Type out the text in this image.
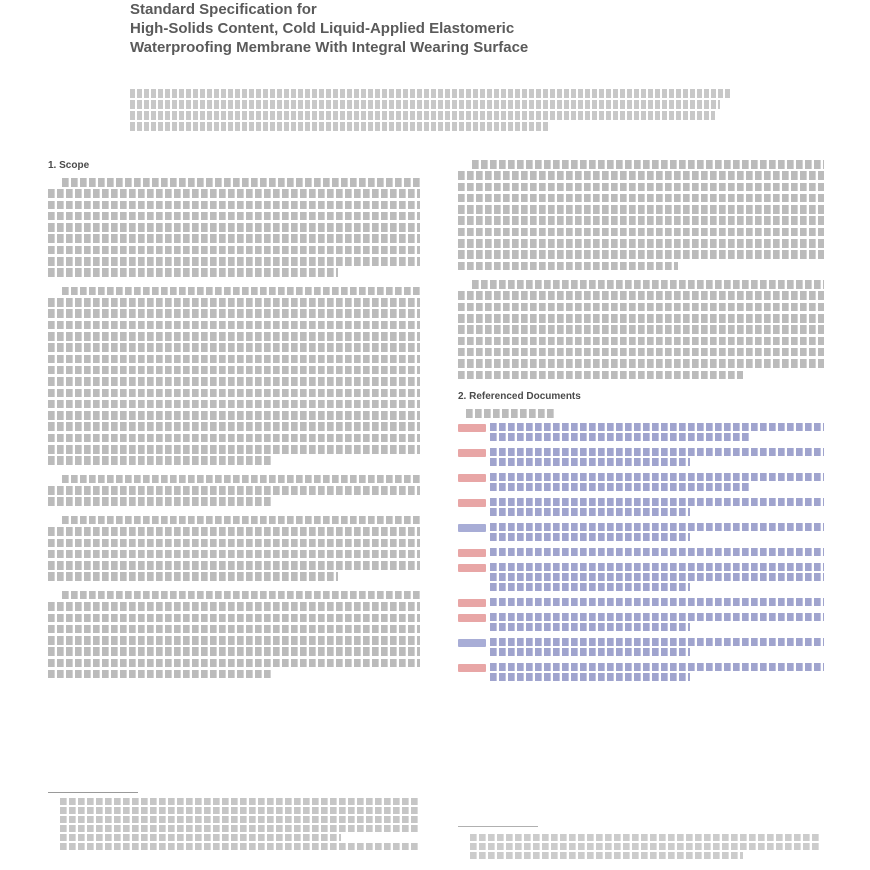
Standard Specification for
High-Solids Content, Cold Liquid-Applied Elastomeric
Waterproofing Membrane With Integral Wearing Surface
1. Scope
2. Referenced Documents
